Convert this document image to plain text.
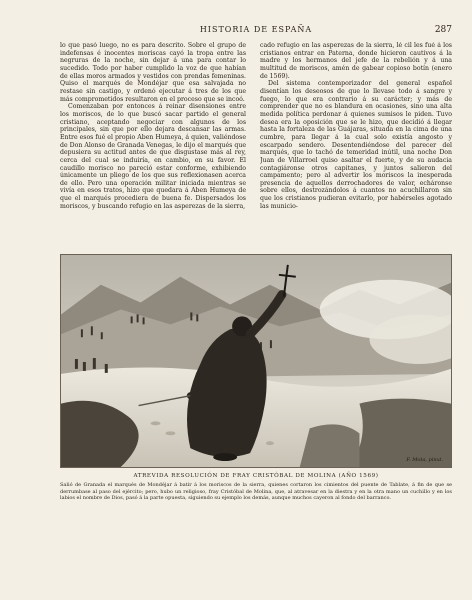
HISTORIA DE ESPAÑA	287

lo que pasó luego, no es para descrito. Sobre el grupo de indefensas é inocentes moriscas cayó la tropa entre las negruras de la noche, sin dejar á una para contar lo sucedido. Todo por haber cumplido la voz de que habían de ellas moros armados y vestidos con prendas femeninas. Quiso el marqués de Mondéjar que esa salvajada no restase sin castigo, y ordenó ejecutar á tres de los que más comprometidos resultaron en el proceso que se incoó.

Comenzaban por entonces á reinar disensiones entre los moriscos, de lo que buscó sacar partido el general cristiano, aceptando negociar con algunos de los principales, sin que por ello dejara descansar las armas. Entre esos fué el propio Aben Humeya, á quien, valiéndose de Don Alonso de Granada Venegas, le dijo el marqués que depusiera su actitud antes de que disgustase más al rey, cerca del cual se induiría, en cambio, en su favor. El caudillo morisco no pareció estar conforme, exhibiendo únicamente un pliego de los que sus reflexionasen acerca de ello. Pero una operación militar iniciada mientras se vivía en esos tratos, hizo que quedara á Aben Humeya de que el marqués procediera de buena fe. Dispersados los moriscos, y buscando refugio en las asperezas de la sierra,

cado refugio en las asperezas de la sierra, lé cil les fué á los cristianos entrar en Paterna, donde hicieron cautivos á la madre y los hermanos del jefe de la rebelión y á una multitud de moriscos, amén de gabear copioso botín (enero de 1569).

Del sistema contemporizador del general español disentían los deseosos de que lo llevase todo á sangre y fuego, lo que era contrario á su carácter; y más de comprender que no es blandura en ocasiones, sino una alta medida política perdonar á quienes sumisos le piden. Tuvo desea era la oposición que se le hizo, que decidió á llegar hasta la fortaleza de las Guájaras, situada en la cima de una cumbre, para llegar á la cual solo existía angosto y escarpado sendero. Desentendiéndose del parecer del marqués, que lo tachó de temeridad inútil, una noche Don Juan de Villarroel quiso asaltar el fuerte, y de su audacia contagiáronse otros capitanes, y juntos salieron del campamento; pero al advertir los moriscos la inesperada presencia de aquellos derrochadores de valor, echáronse sobre ellos, destrozándolos á cuantos no acuchillaron sin que los cristianos pudieran evitarlo, por habérseles agotado las municio-

F. Mota, pinxt.
ATREVIDA RESOLUCIÓN DE FRAY CRISTÓBAL DE MOLINA (AÑO 1569)
Salió de Granada el marqués de Mondéjar á batir á los moriscos de la sierra, quienes cortaron los cimientos del puente de Tablate, á fin de que se derrumbase al paso del ejército; pero, hubo un religioso, fray Cristóbal de Molina, que, al atravesar en la diestra y en la otra mano un cuchillo y en los labios el nombre de Dios, pasó á la parte opuesta, siguiendo su ejemplo los demás, aunque muchos cayeron al fondo del barranco.
